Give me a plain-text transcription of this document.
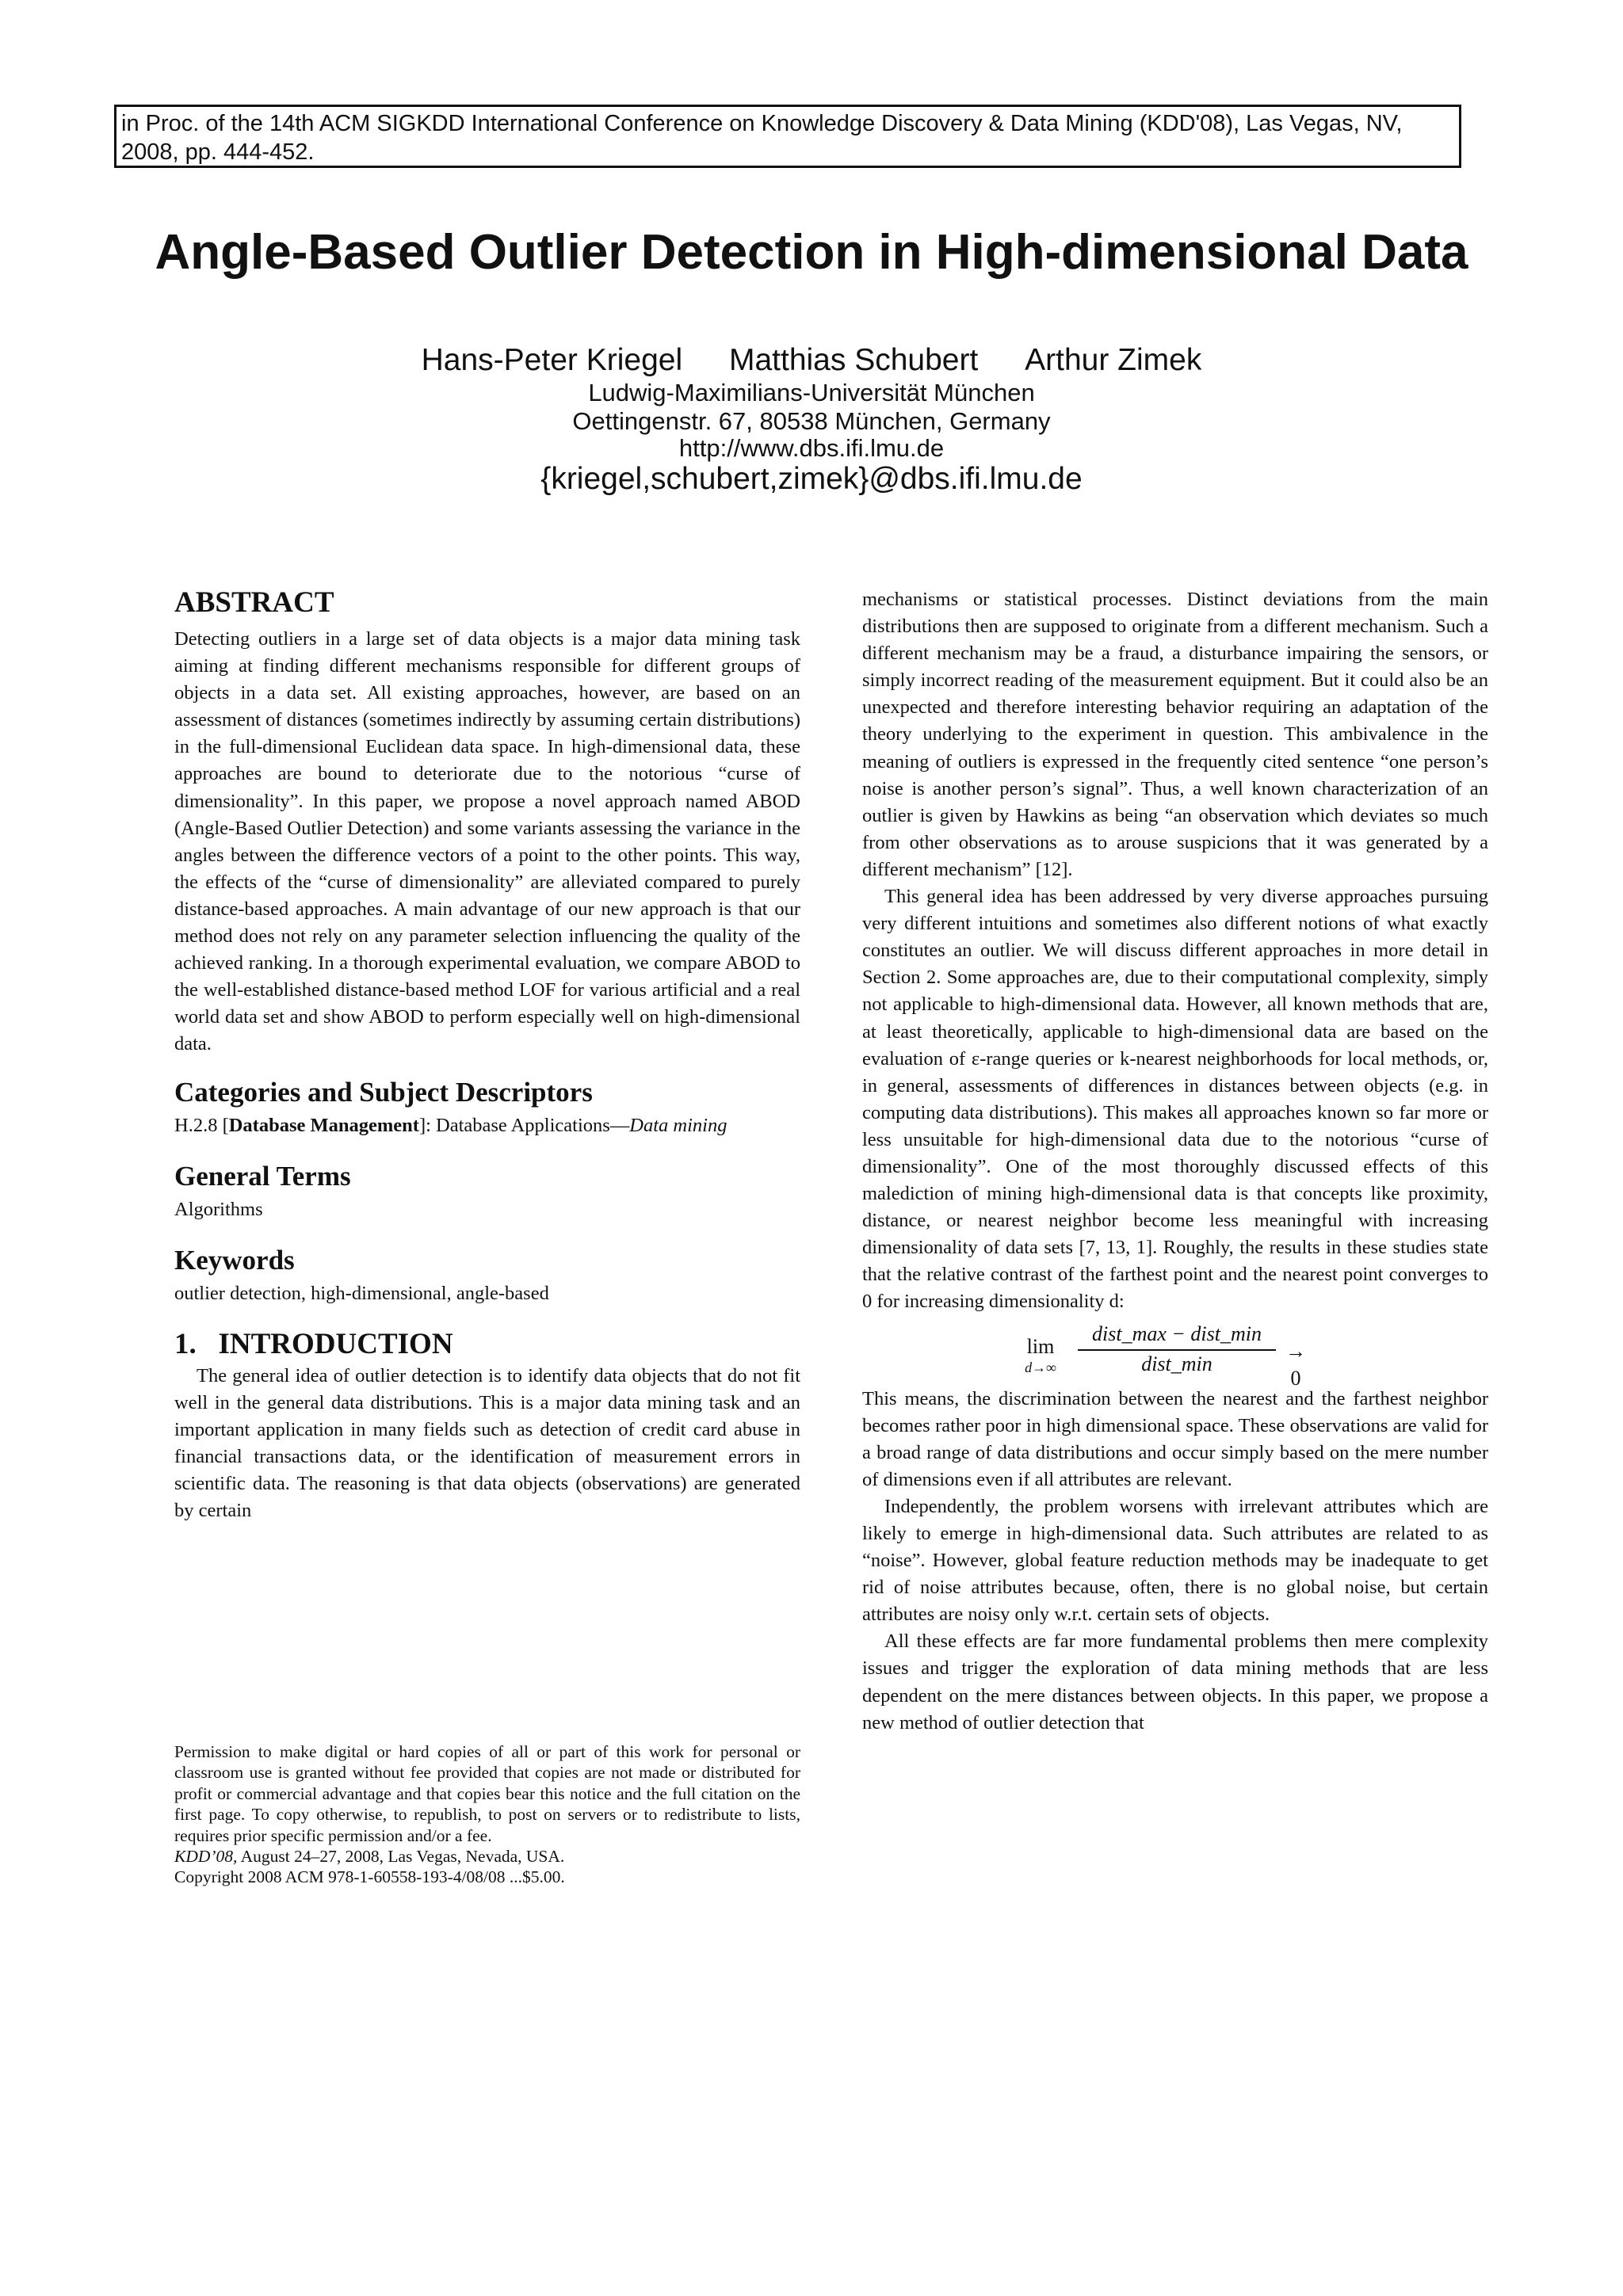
in Proc. of the 14th ACM SIGKDD International Conference on Knowledge Discovery & Data Mining (KDD'08), Las Vegas, NV, 2008, pp. 444-452.
Angle-Based Outlier Detection in High-dimensional Data
Hans-Peter Kriegel Matthias Schubert Arthur Zimek
Ludwig-Maximilians-Universität München
Oettingenstr. 67, 80538 München, Germany
http://www.dbs.ifi.lmu.de
{kriegel,schubert,zimek}@dbs.ifi.lmu.de
ABSTRACT

Detecting outliers in a large set of data objects is a major data mining task aiming at finding different mechanisms responsible for different groups of objects in a data set. All existing approaches, however, are based on an assessment of distances (sometimes indirectly by assuming certain distributions) in the full-dimensional Euclidean data space. In high-dimensional data, these approaches are bound to deteriorate due to the notorious “curse of dimensionality”. In this paper, we propose a novel approach named ABOD (Angle-Based Outlier Detection) and some variants assessing the variance in the angles between the difference vectors of a point to the other points. This way, the effects of the “curse of dimensionality” are alleviated compared to purely distance-based approaches. A main advantage of our new approach is that our method does not rely on any parameter selection influencing the quality of the achieved ranking. In a thorough experimental evaluation, we compare ABOD to the well-established distance-based method LOF for various artificial and a real world data set and show ABOD to perform especially well on high-dimensional data.

Categories and Subject Descriptors

H.2.8 [Database Management]: Database Applications—Data mining

General Terms

Algorithms

Keywords

outlier detection, high-dimensional, angle-based

1.   INTRODUCTION

The general idea of outlier detection is to identify data objects that do not fit well in the general data distributions. This is a major data mining task and an important application in many fields such as detection of credit card abuse in financial transactions data, or the identification of measurement errors in scientific data. The reasoning is that data objects (observations) are generated by certain

Permission to make digital or hard copies of all or part of this work for personal or classroom use is granted without fee provided that copies are not made or distributed for profit or commercial advantage and that copies bear this notice and the full citation on the first page. To copy otherwise, to republish, to post on servers or to redistribute to lists, requires prior specific permission and/or a fee.

KDD’08, August 24–27, 2008, Las Vegas, Nevada, USA.

Copyright 2008 ACM 978-1-60558-193-4/08/08 ...$5.00.

mechanisms or statistical processes. Distinct deviations from the main distributions then are supposed to originate from a different mechanism. Such a different mechanism may be a fraud, a disturbance impairing the sensors, or simply incorrect reading of the measurement equipment. But it could also be an unexpected and therefore interesting behavior requiring an adaptation of the theory underlying to the experiment in question. This ambivalence in the meaning of outliers is expressed in the frequently cited sentence “one person’s noise is another person’s signal”. Thus, a well known characterization of an outlier is given by Hawkins as being “an observation which deviates so much from other observations as to arouse suspicions that it was generated by a different mechanism” [12].

This general idea has been addressed by very diverse approaches pursuing very different intuitions and sometimes also different notions of what exactly constitutes an outlier. We will discuss different approaches in more detail in Section 2. Some approaches are, due to their computational complexity, simply not applicable to high-dimensional data. However, all known methods that are, at least theoretically, applicable to high-dimensional data are based on the evaluation of ε-range queries or k-nearest neighborhoods for local methods, or, in general, assessments of differences in distances between objects (e.g. in computing data distributions). This makes all approaches known so far more or less unsuitable for high-dimensional data due to the notorious “curse of dimensionality”. One of the most thoroughly discussed effects of this malediction of mining high-dimensional data is that concepts like proximity, distance, or nearest neighbor become less meaningful with increasing dimensionality of data sets [7, 13, 1]. Roughly, the results in these studies state that the relative contrast of the farthest point and the nearest point converges to 0 for increasing dimensionality d:

lim
d→∞
dist_max − dist_min
dist_min
→ 0

This means, the discrimination between the nearest and the farthest neighbor becomes rather poor in high dimensional space. These observations are valid for a broad range of data distributions and occur simply based on the mere number of dimensions even if all attributes are relevant.

Independently, the problem worsens with irrelevant attributes which are likely to emerge in high-dimensional data. Such attributes are related to as “noise”. However, global feature reduction methods may be inadequate to get rid of noise attributes because, often, there is no global noise, but certain attributes are noisy only w.r.t. certain sets of objects.

All these effects are far more fundamental problems then mere complexity issues and trigger the exploration of data mining methods that are less dependent on the mere distances between objects. In this paper, we propose a new method of outlier detection that
